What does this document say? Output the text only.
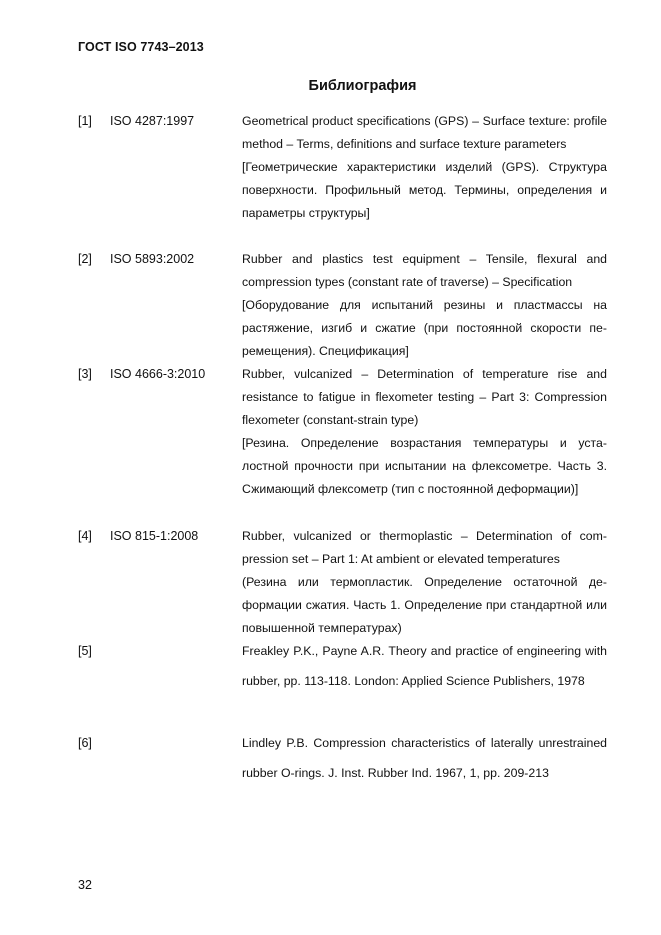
ГОСТ ISO 7743–2013
Библиография
[1] ISO 4287:1997	Geometrical product specifications (GPS) – Surface texture: profile method – Terms, definitions and surface texture parameters

[Геометрические характеристики изделий (GPS). Структура поверхности. Профильный метод. Термины, определения и параметры структуры]

[2] ISO 5893:2002	Rubber and plastics test equipment – Tensile, flexural and compression types (constant rate of traverse) – Specification

[Оборудование для испытаний резины и пластмассы на растяжение, изгиб и сжатие (при постоянной скорости перемещения). Спецификация]

[3] ISO 4666-3:2010	Rubber, vulcanized – Determination of temperature rise and resistance to fatigue in flexometer testing – Part 3: Compression flexometer (constant-strain type)

[Резина. Определение возрастания температуры и усталостной прочности при испытании на флексометре. Часть 3. Сжимающий флексометр (тип с постоянной деформации)]

[4] ISO 815-1:2008	Rubber, vulcanized or thermoplastic – Determination of compression set – Part 1: At ambient or elevated temperatures

(Резина или термопластик. Определение остаточной деформации сжатия. Часть 1. Определение при стандартной или повышенной температурах)

[5]	Freakley P.K., Payne A.R. Theory and practice of engineering with rubber, pp. 113-118. London: Applied Science Publishers, 1978

[6]	Lindley P.B. Compression characteristics of laterally unrestrained rubber O-rings. J. Inst. Rubber Ind. 1967, 1, pp. 209-213

32
